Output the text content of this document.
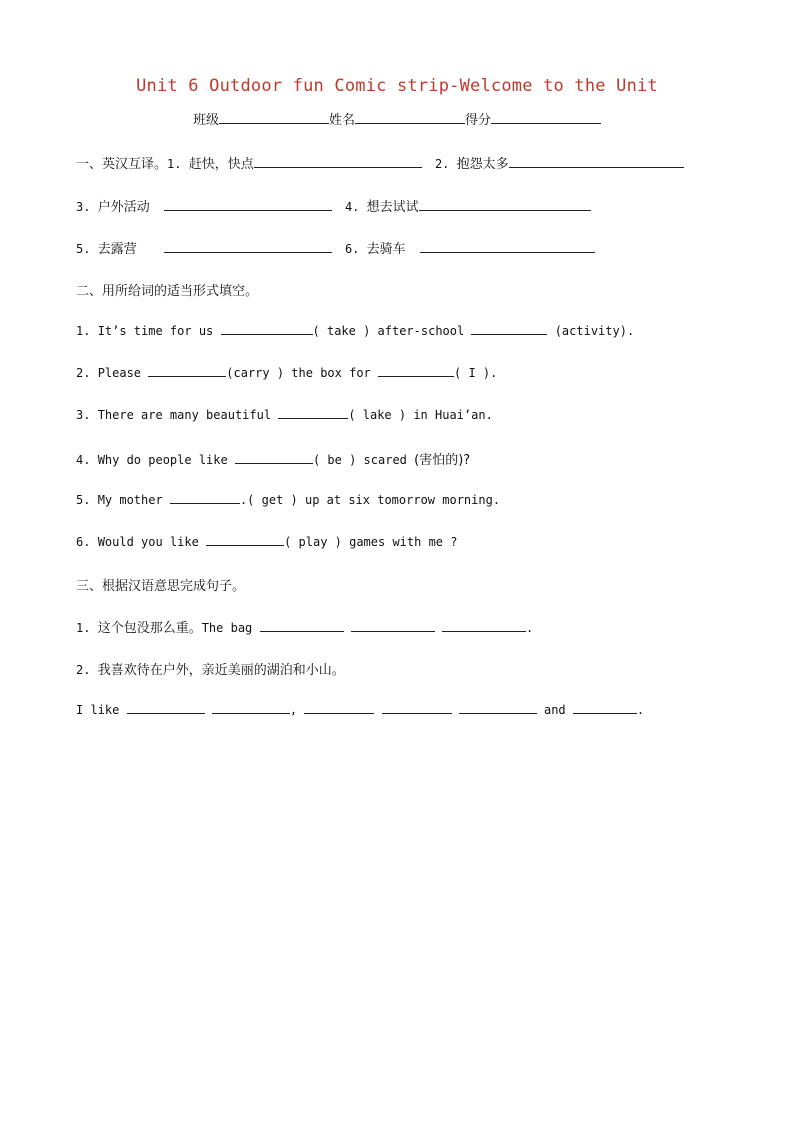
Unit 6 Outdoor fun Comic strip-Welcome to the Unit
班级	姓名	得分
一、英汉互译。1. 赶快，快点	2. 抱怨太多
3. 户外活动	4. 想去试试
5. 去露营	6. 去骑车
二、用所给词的适当形式填空。
1. It’s time for us	( take ) after-school	(activity).
2. Please	(carry ) the box for	( I ).
3. There are many beautiful	( lake ) in Huai’an.
4. Why do people like	( be ) scared (害怕的)?
5. My mother	.( get ) up at six tomorrow morning.
6. Would you like	( play ) games with me ?
三、根据汉语意思完成句子。
1. 这个包没那么重。The bag	.
2. 我喜欢待在户外，亲近美丽的湖泊和小山。
I like	,	and	.
